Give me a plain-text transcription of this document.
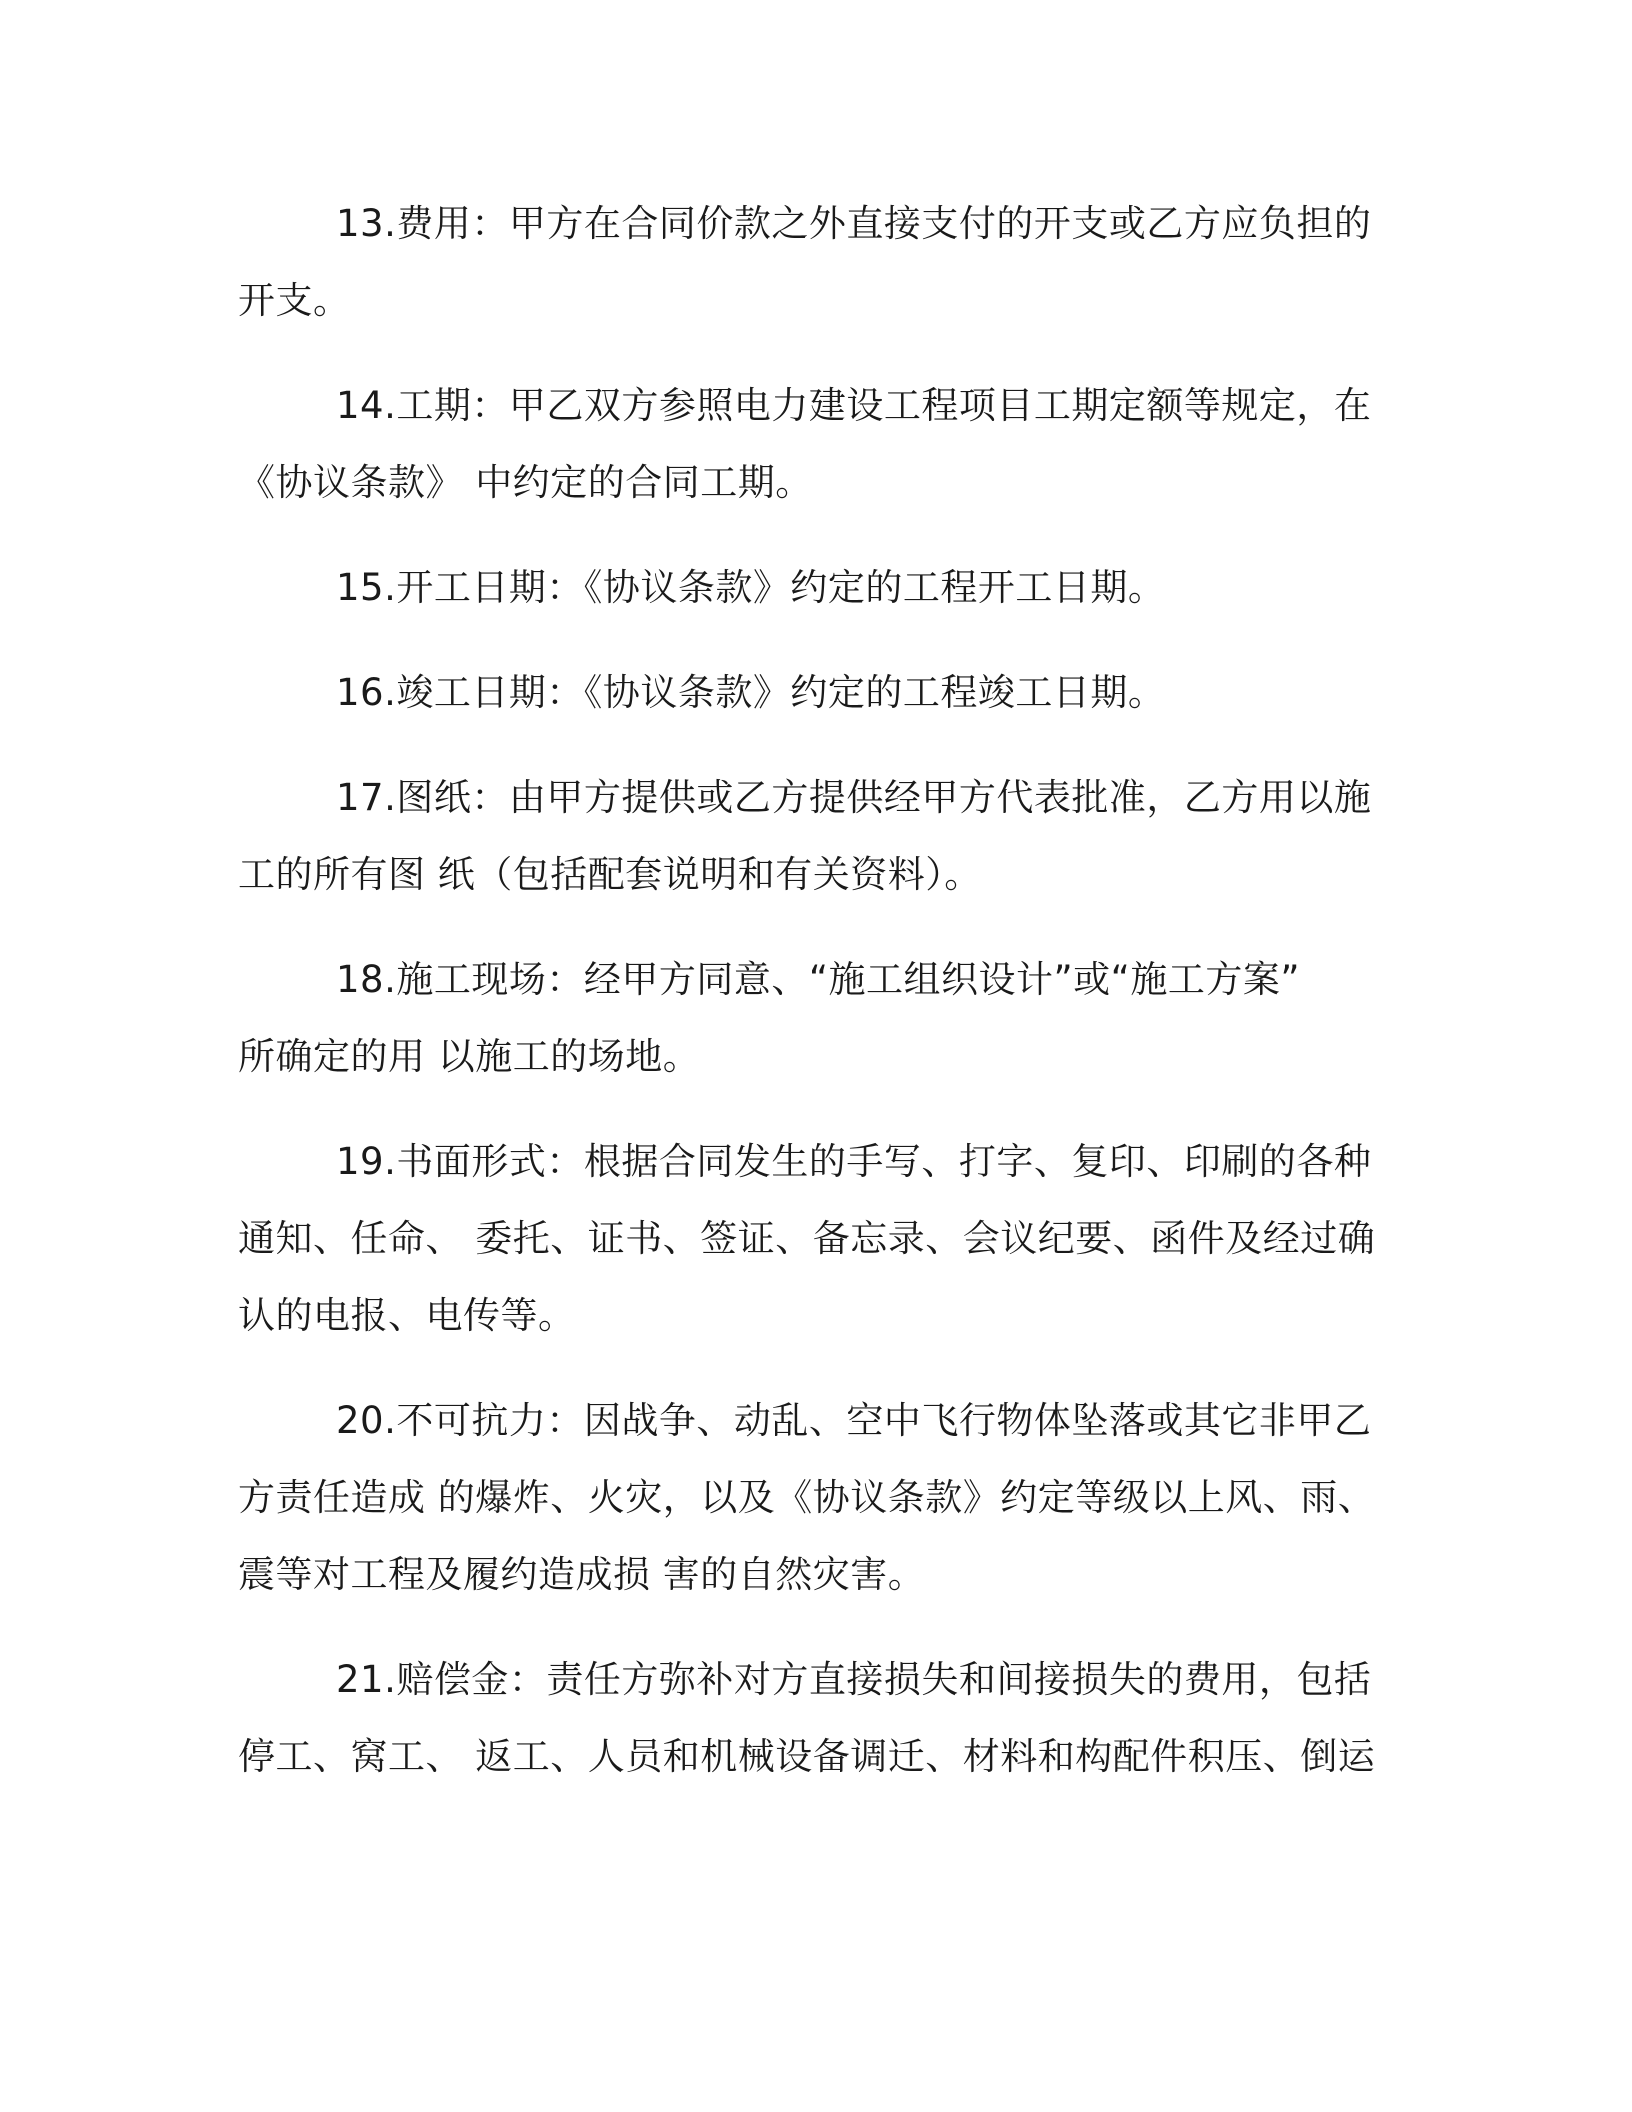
13.费用：甲方在合同价款之外直接支付的开支或乙方应负担的
开支。

14.工期：甲乙双方参照电力建设工程项目工期定额等规定，在
《协议条款》 中约定的合同工期。

15.开工日期：《协议条款》约定的工程开工日期。

16.竣工日期：《协议条款》约定的工程竣工日期。

17.图纸：由甲方提供或乙方提供经甲方代表批准，乙方用以施
工的所有图 纸（包括配套说明和有关资料）。

18.施工现场：经甲方同意、“施工组织设计”或“施工方案”
所确定的用 以施工的场地。

19.书面形式：根据合同发生的手写、打字、复印、印刷的各种
通知、任命、 委托、证书、签证、备忘录、会议纪要、函件及经过确
认的电报、电传等。

20.不可抗力：因战争、动乱、空中飞行物体坠落或其它非甲乙
方责任造成 的爆炸、火灾，以及《协议条款》约定等级以上风、雨、
震等对工程及履约造成损 害的自然灾害。

21.赔偿金：责任方弥补对方直接损失和间接损失的费用，包括
停工、窝工、 返工、人员和机械设备调迁、材料和构配件积压、倒运
